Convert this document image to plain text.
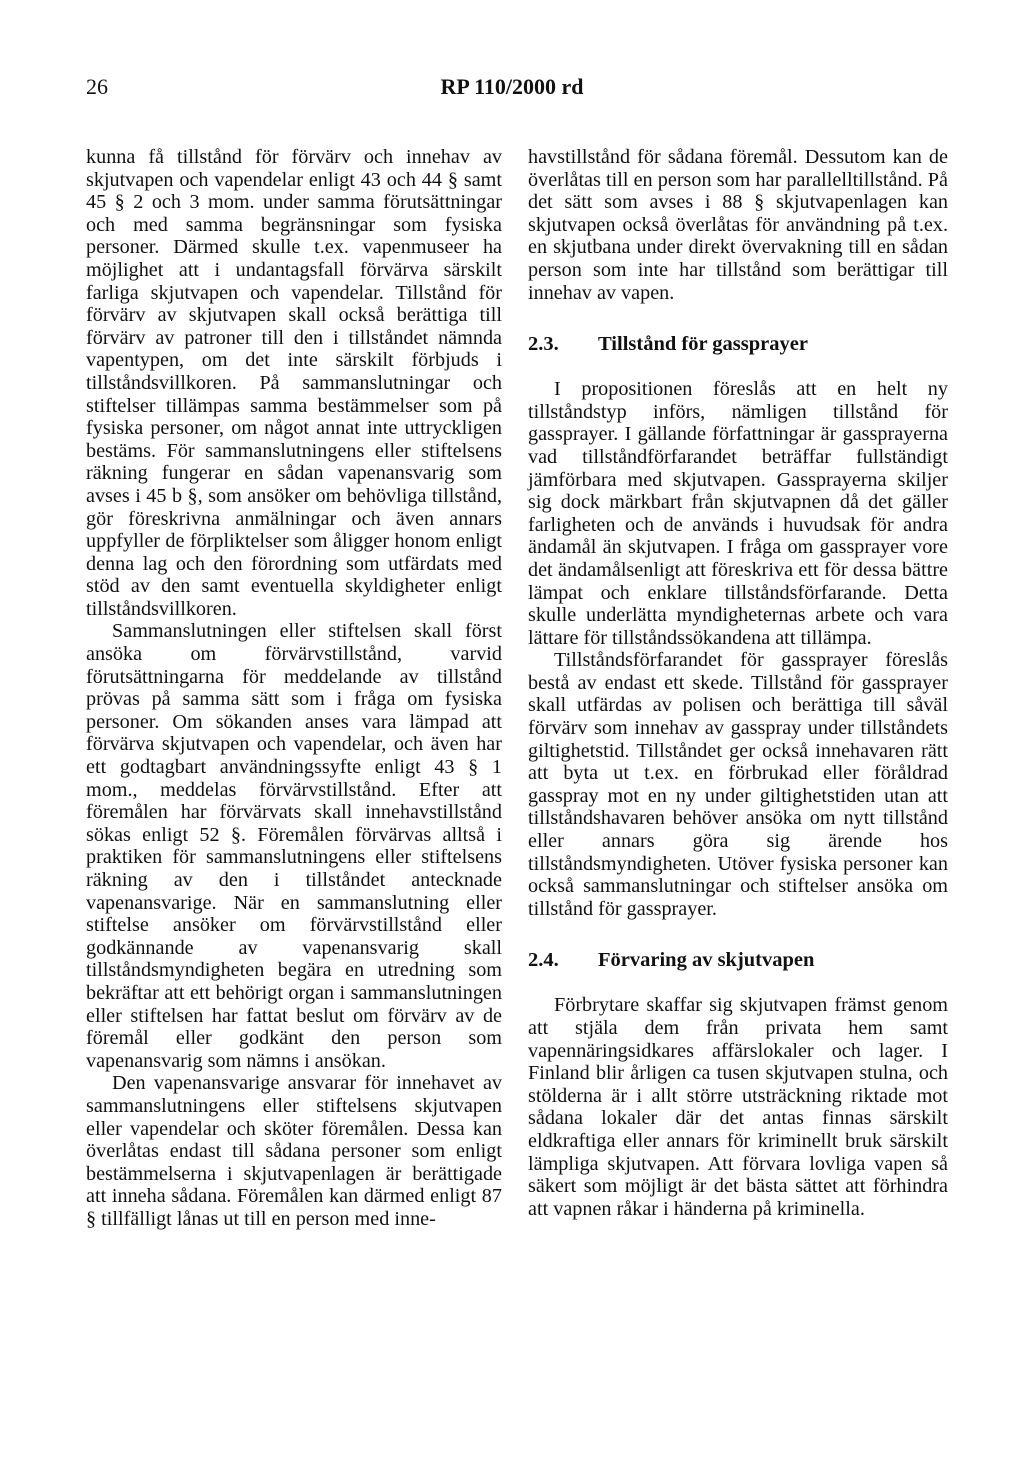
26	RP 110/2000 rd

kunna få tillstånd för förvärv och innehav av skjutvapen och vapendelar enligt 43 och 44 § samt 45 § 2 och 3 mom. under samma förutsättningar och med samma begränsningar som fysiska personer. Därmed skulle t.ex. vapenmuseer ha möjlighet att i undantagsfall förvärva särskilt farliga skjutvapen och vapendelar. Tillstånd för förvärv av skjutvapen skall också berättiga till förvärv av patroner till den i tillståndet nämnda vapentypen, om det inte särskilt förbjuds i tillståndsvillkoren. På sammanslutningar och stiftelser tillämpas samma bestämmelser som på fysiska personer, om något annat inte uttryckligen bestäms. För sammanslutningens eller stiftelsens räkning fungerar en sådan vapenansvarig som avses i 45 b §, som ansöker om behövliga tillstånd, gör föreskrivna anmälningar och även annars uppfyller de förpliktelser som åligger honom enligt denna lag och den förordning som utfärdats med stöd av den samt eventuella skyldigheter enligt tillståndsvillkoren.

Sammanslutningen eller stiftelsen skall först ansöka om förvärvstillstånd, varvid förutsättningarna för meddelande av tillstånd prövas på samma sätt som i fråga om fysiska personer. Om sökanden anses vara lämpad att förvärva skjutvapen och vapendelar, och även har ett godtagbart användningssyfte enligt 43 § 1 mom., meddelas förvärvstillstånd. Efter att föremålen har förvärvats skall innehavstillstånd sökas enligt 52 §. Föremålen förvärvas alltså i praktiken för sammanslutningens eller stiftelsens räkning av den i tillståndet antecknade vapenansvarige. När en sammanslutning eller stiftelse ansöker om förvärvstillstånd eller godkännande av vapenansvarig skall tillståndsmyndigheten begära en utredning som bekräftar att ett behörigt organ i sammanslutningen eller stiftelsen har fattat beslut om förvärv av de föremål eller godkänt den person som vapenansvarig som nämns i ansökan.

Den vapenansvarige ansvarar för innehavet av sammanslutningens eller stiftelsens skjutvapen eller vapendelar och sköter föremålen. Dessa kan överlåtas endast till sådana personer som enligt bestämmelserna i skjutvapenlagen är berättigade att inneha sådana. Föremålen kan därmed enligt 87 § tillfälligt lånas ut till en person med inne-

havstillstånd för sådana föremål. Dessutom kan de överlåtas till en person som har parallelltillstånd. På det sätt som avses i 88 § skjutvapenlagen kan skjutvapen också överlåtas för användning på t.ex. en skjutbana under direkt övervakning till en sådan person som inte har tillstånd som berättigar till innehav av vapen.

2.3.	Tillstånd för gassprayer

I propositionen föreslås att en helt ny tillståndstyp införs, nämligen tillstånd för gassprayer. I gällande författningar är gassprayerna vad tillståndförfarandet beträffar fullständigt jämförbara med skjutvapen. Gassprayerna skiljer sig dock märkbart från skjutvapnen då det gäller farligheten och de används i huvudsak för andra ändamål än skjutvapen. I fråga om gassprayer vore det ändamålsenligt att föreskriva ett för dessa bättre lämpat och enklare tillståndsförfarande. Detta skulle underlätta myndigheternas arbete och vara lättare för tillståndssökandena att tillämpa.

Tillståndsförfarandet för gassprayer föreslås bestå av endast ett skede. Tillstånd för gassprayer skall utfärdas av polisen och berättiga till såväl förvärv som innehav av gasspray under tillståndets giltighetstid. Tillståndet ger också innehavaren rätt att byta ut t.ex. en förbrukad eller föråldrad gasspray mot en ny under giltighetstiden utan att tillståndshavaren behöver ansöka om nytt tillstånd eller annars göra sig ärende hos tillståndsmyndigheten. Utöver fysiska personer kan också sammanslutningar och stiftelser ansöka om tillstånd för gassprayer.

2.4.	Förvaring av skjutvapen

Förbrytare skaffar sig skjutvapen främst genom att stjäla dem från privata hem samt vapennäringsidkares affärslokaler och lager. I Finland blir årligen ca tusen skjutvapen stulna, och stölderna är i allt större utsträckning riktade mot sådana lokaler där det antas finnas särskilt eldkraftiga eller annars för kriminellt bruk särskilt lämpliga skjutvapen. Att förvara lovliga vapen så säkert som möjligt är det bästa sättet att förhindra att vapnen råkar i händerna på kriminella.
